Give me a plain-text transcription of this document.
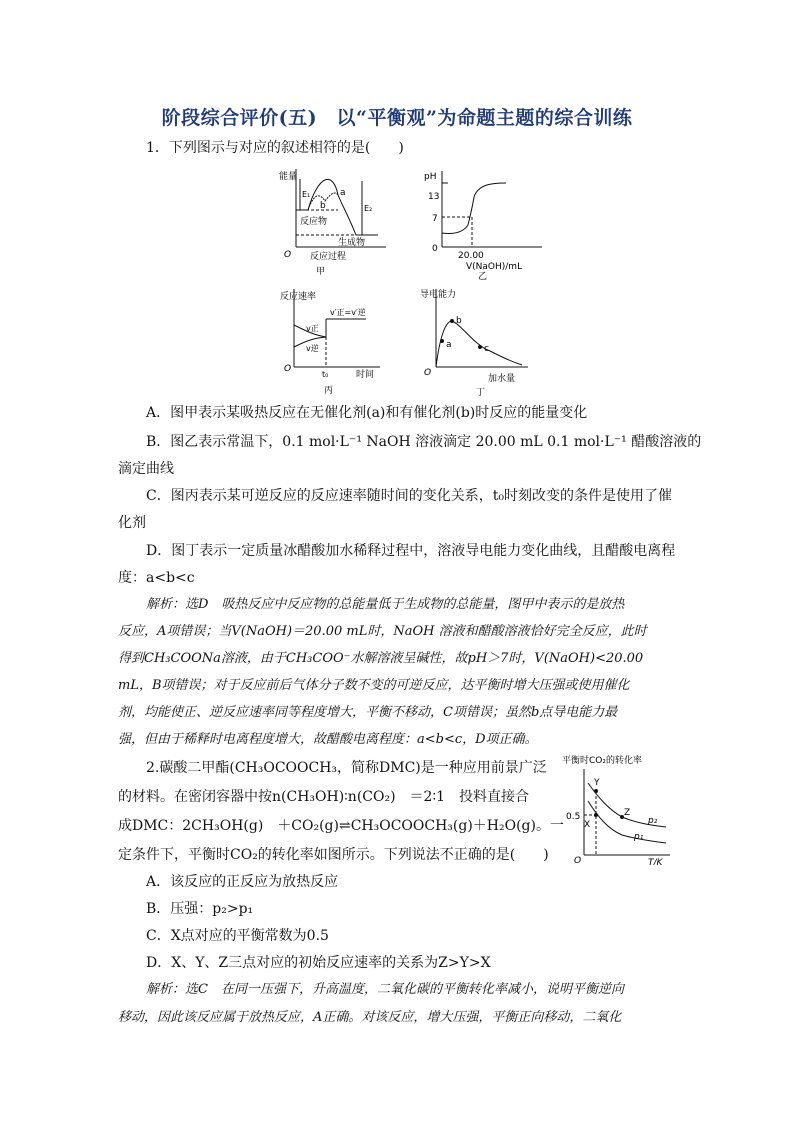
阶段综合评价(五)　以“平衡观”为命题主题的综合训练
1．下列图示与对应的叙述相符的是(　　)
能量
E₁
E₂
a
b
反应物
生成物
O 反应过程
甲
pH
13
7
0
20.00
V(NaOH)/mL
乙
反应速率
v′正=v′逆
v正
v逆
O
t₀	时间
丙
导电能力
a
b
c
O
加水量
丁
A．图甲表示某吸热反应在无催化剂(a)和有催化剂(b)时反应的能量变化
B．图乙表示常温下，0.1 mol·L⁻¹ NaOH 溶液滴定 20.00 mL 0.1 mol·L⁻¹ 醋酸溶液的
滴定曲线
C．图丙表示某可逆反应的反应速率随时间的变化关系，t₀时刻改变的条件是使用了催
化剂
D．图丁表示一定质量冰醋酸加水稀释过程中，溶液导电能力变化曲线，且醋酸电离程
度：a<b<c
解析：选D　吸热反应中反应物的总能量低于生成物的总能量，图甲中表示的是放热
反应，A项错误；当V(NaOH)＝20.00 mL时，NaOH 溶液和醋酸溶液恰好完全反应，此时
得到CH₃COONa溶液，由于CH₃COO⁻水解溶液呈碱性，故pH＞7时，V(NaOH)<20.00
mL，B项错误；对于反应前后气体分子数不变的可逆反应，达平衡时增大压强或使用催化
剂，均能使正、逆反应速率同等程度增大，平衡不移动，C项错误；虽然b点导电能力最
强，但由于稀释时电离程度增大，故醋酸电离程度：a<b<c，D项正确。
2.碳酸二甲酯(CH₃OCOOCH₃，简称DMC)是一种应用前景广泛
的材料。在密闭容器中按n(CH₃OH)∶n(CO₂)　＝2∶1　投料直接合
成DMC：2CH₃OH(g)　＋CO₂(g)⇌CH₃OCOOCH₃(g)＋H₂O(g)。一
定条件下，平衡时CO₂的转化率如图所示。下列说法不正确的是(　　)
平衡时CO₂的转化率
Y
X
Z
p₂
p₁
0.5
T/K
O
A．该反应的正反应为放热反应
B．压强：p₂>p₁
C．X点对应的平衡常数为0.5
D．X、Y、Z三点对应的初始反应速率的关系为Z>Y>X
解析：选C　在同一压强下，升高温度，二氧化碳的平衡转化率减小，说明平衡逆向
移动，因此该反应属于放热反应，A正确。对该反应，增大压强，平衡正向移动，二氧化
